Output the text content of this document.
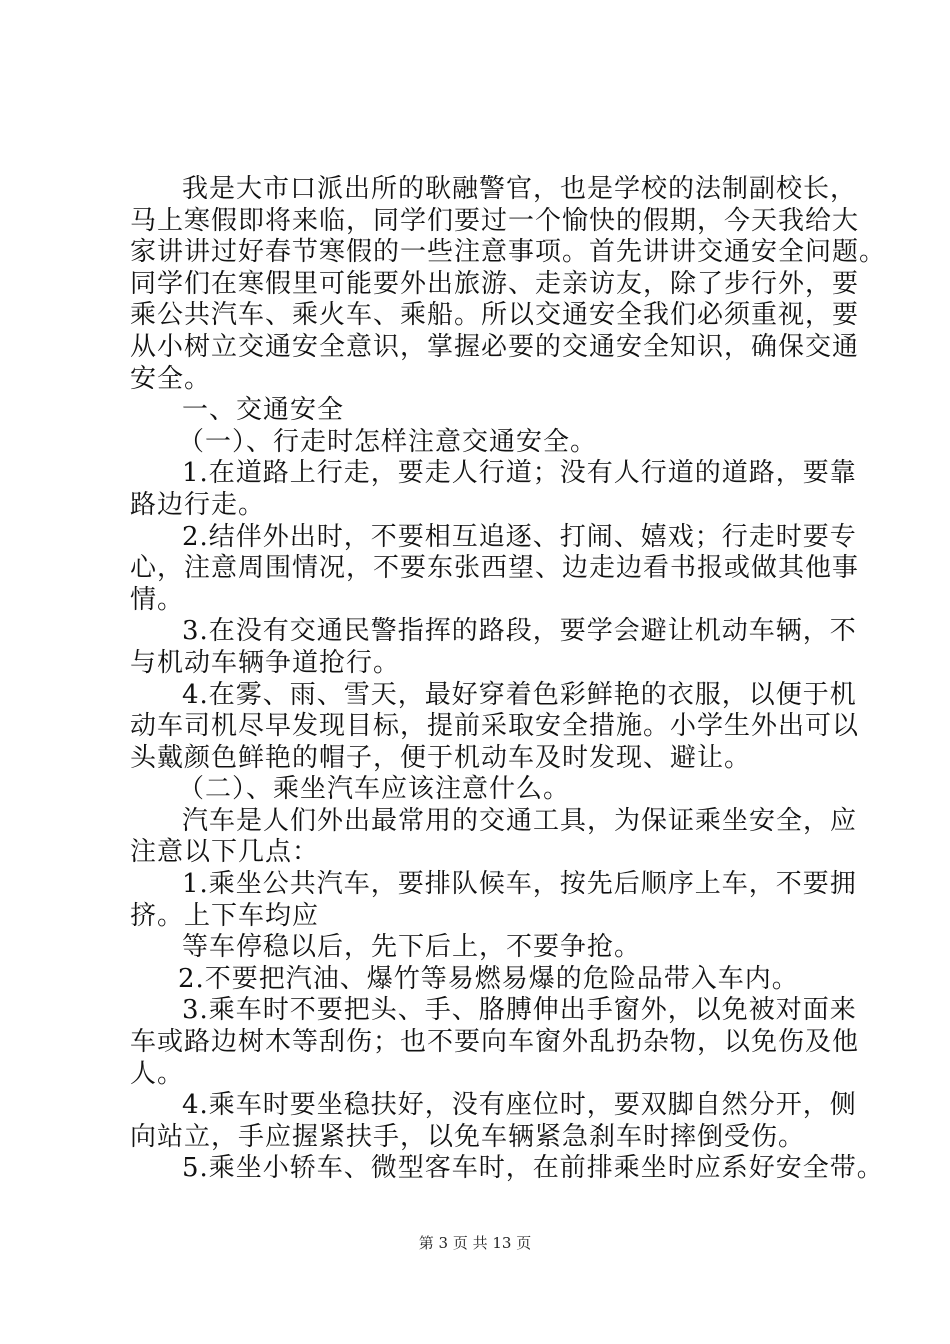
我是大市口派出所的耿融警官，也是学校的法制副校长，
马上寒假即将来临，同学们要过一个愉快的假期，今天我给大
家讲讲过好春节寒假的一些注意事项。首先讲讲交通安全问题。
同学们在寒假里可能要外出旅游、走亲访友，除了步行外，要
乘公共汽车、乘火车、乘船。所以交通安全我们必须重视，要
从小树立交通安全意识，掌握必要的交通安全知识，确保交通
安全。
一、交通安全
（一）、行走时怎样注意交通安全。
1.在道路上行走，要走人行道；没有人行道的道路，要靠
路边行走。
2.结伴外出时，不要相互追逐、打闹、嬉戏；行走时要专
心，注意周围情况，不要东张西望、边走边看书报或做其他事
情。
3.在没有交通民警指挥的路段，要学会避让机动车辆，不
与机动车辆争道抢行。
4.在雾、雨、雪天，最好穿着色彩鲜艳的衣服，以便于机
动车司机尽早发现目标，提前采取安全措施。小学生外出可以
头戴颜色鲜艳的帽子，便于机动车及时发现、避让。
（二）、乘坐汽车应该注意什么。
汽车是人们外出最常用的交通工具，为保证乘坐安全，应
注意以下几点：
1.乘坐公共汽车，要排队候车，按先后顺序上车，不要拥
挤。上下车均应
等车停稳以后，先下后上，不要争抢。
2.不要把汽油、爆竹等易燃易爆的危险品带入车内。
3.乘车时不要把头、手、胳膊伸出手窗外，以免被对面来
车或路边树木等刮伤；也不要向车窗外乱扔杂物，以免伤及他
人。
4.乘车时要坐稳扶好，没有座位时，要双脚自然分开，侧
向站立，手应握紧扶手，以免车辆紧急刹车时摔倒受伤。
5.乘坐小轿车、微型客车时，在前排乘坐时应系好安全带。
第 3 页 共 13 页
